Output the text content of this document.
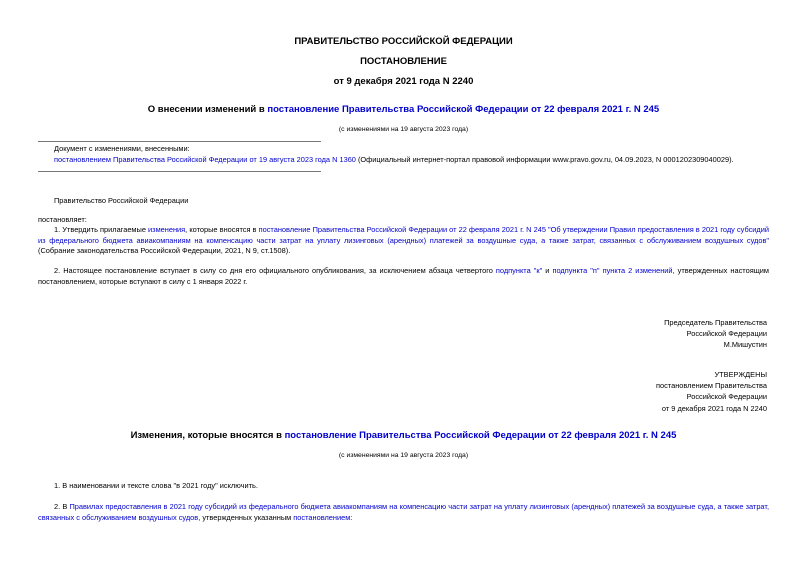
ПРАВИТЕЛЬСТВО РОССИЙСКОЙ ФЕДЕРАЦИИ
ПОСТАНОВЛЕНИЕ
от 9 декабря 2021 года N 2240
О внесении изменений в постановление Правительства Российской Федерации от 22 февраля 2021 г. N 245
(с изменениями на 19 августа 2023 года)
Документ с изменениями, внесенными:
постановлением Правительства Российской Федерации от 19 августа 2023 года N 1360 (Официальный интернет-портал правовой информации www.pravo.gov.ru, 04.09.2023, N 0001202309040029).
Правительство Российской Федерации
постановляет:
1. Утвердить прилагаемые изменения, которые вносятся в постановление Правительства Российской Федерации от 22 февраля 2021 г. N 245 "Об утверждении Правил предоставления в 2021 году субсидий из федерального бюджета авиакомпаниям на компенсацию части затрат на уплату лизинговых (арендных) платежей за воздушные суда, а также затрат, связанных с обслуживанием воздушных судов" (Собрание законодательства Российской Федерации, 2021, N 9, ст.1508).
2. Настоящее постановление вступает в силу со дня его официального опубликования, за исключением абзаца четвертого подпункта "к" и подпункта "п" пункта 2 изменений, утвержденных настоящим постановлением, которые вступают в силу с 1 января 2022 г.
Председатель Правительства
Российской Федерации
М.Мишустин
УТВЕРЖДЕНЫ
постановлением Правительства
Российской Федерации
от 9 декабря 2021 года N 2240
Изменения, которые вносятся в постановление Правительства Российской Федерации от 22 февраля 2021 г. N 245
(с изменениями на 19 августа 2023 года)
1. В наименовании и тексте слова "в 2021 году" исключить.
2. В Правилах предоставления в 2021 году субсидий из федерального бюджета авиакомпаниям на компенсацию части затрат на уплату лизинговых (арендных) платежей за воздушные суда, а также затрат, связанных с обслуживанием воздушных судов, утвержденных указанным постановлением:
